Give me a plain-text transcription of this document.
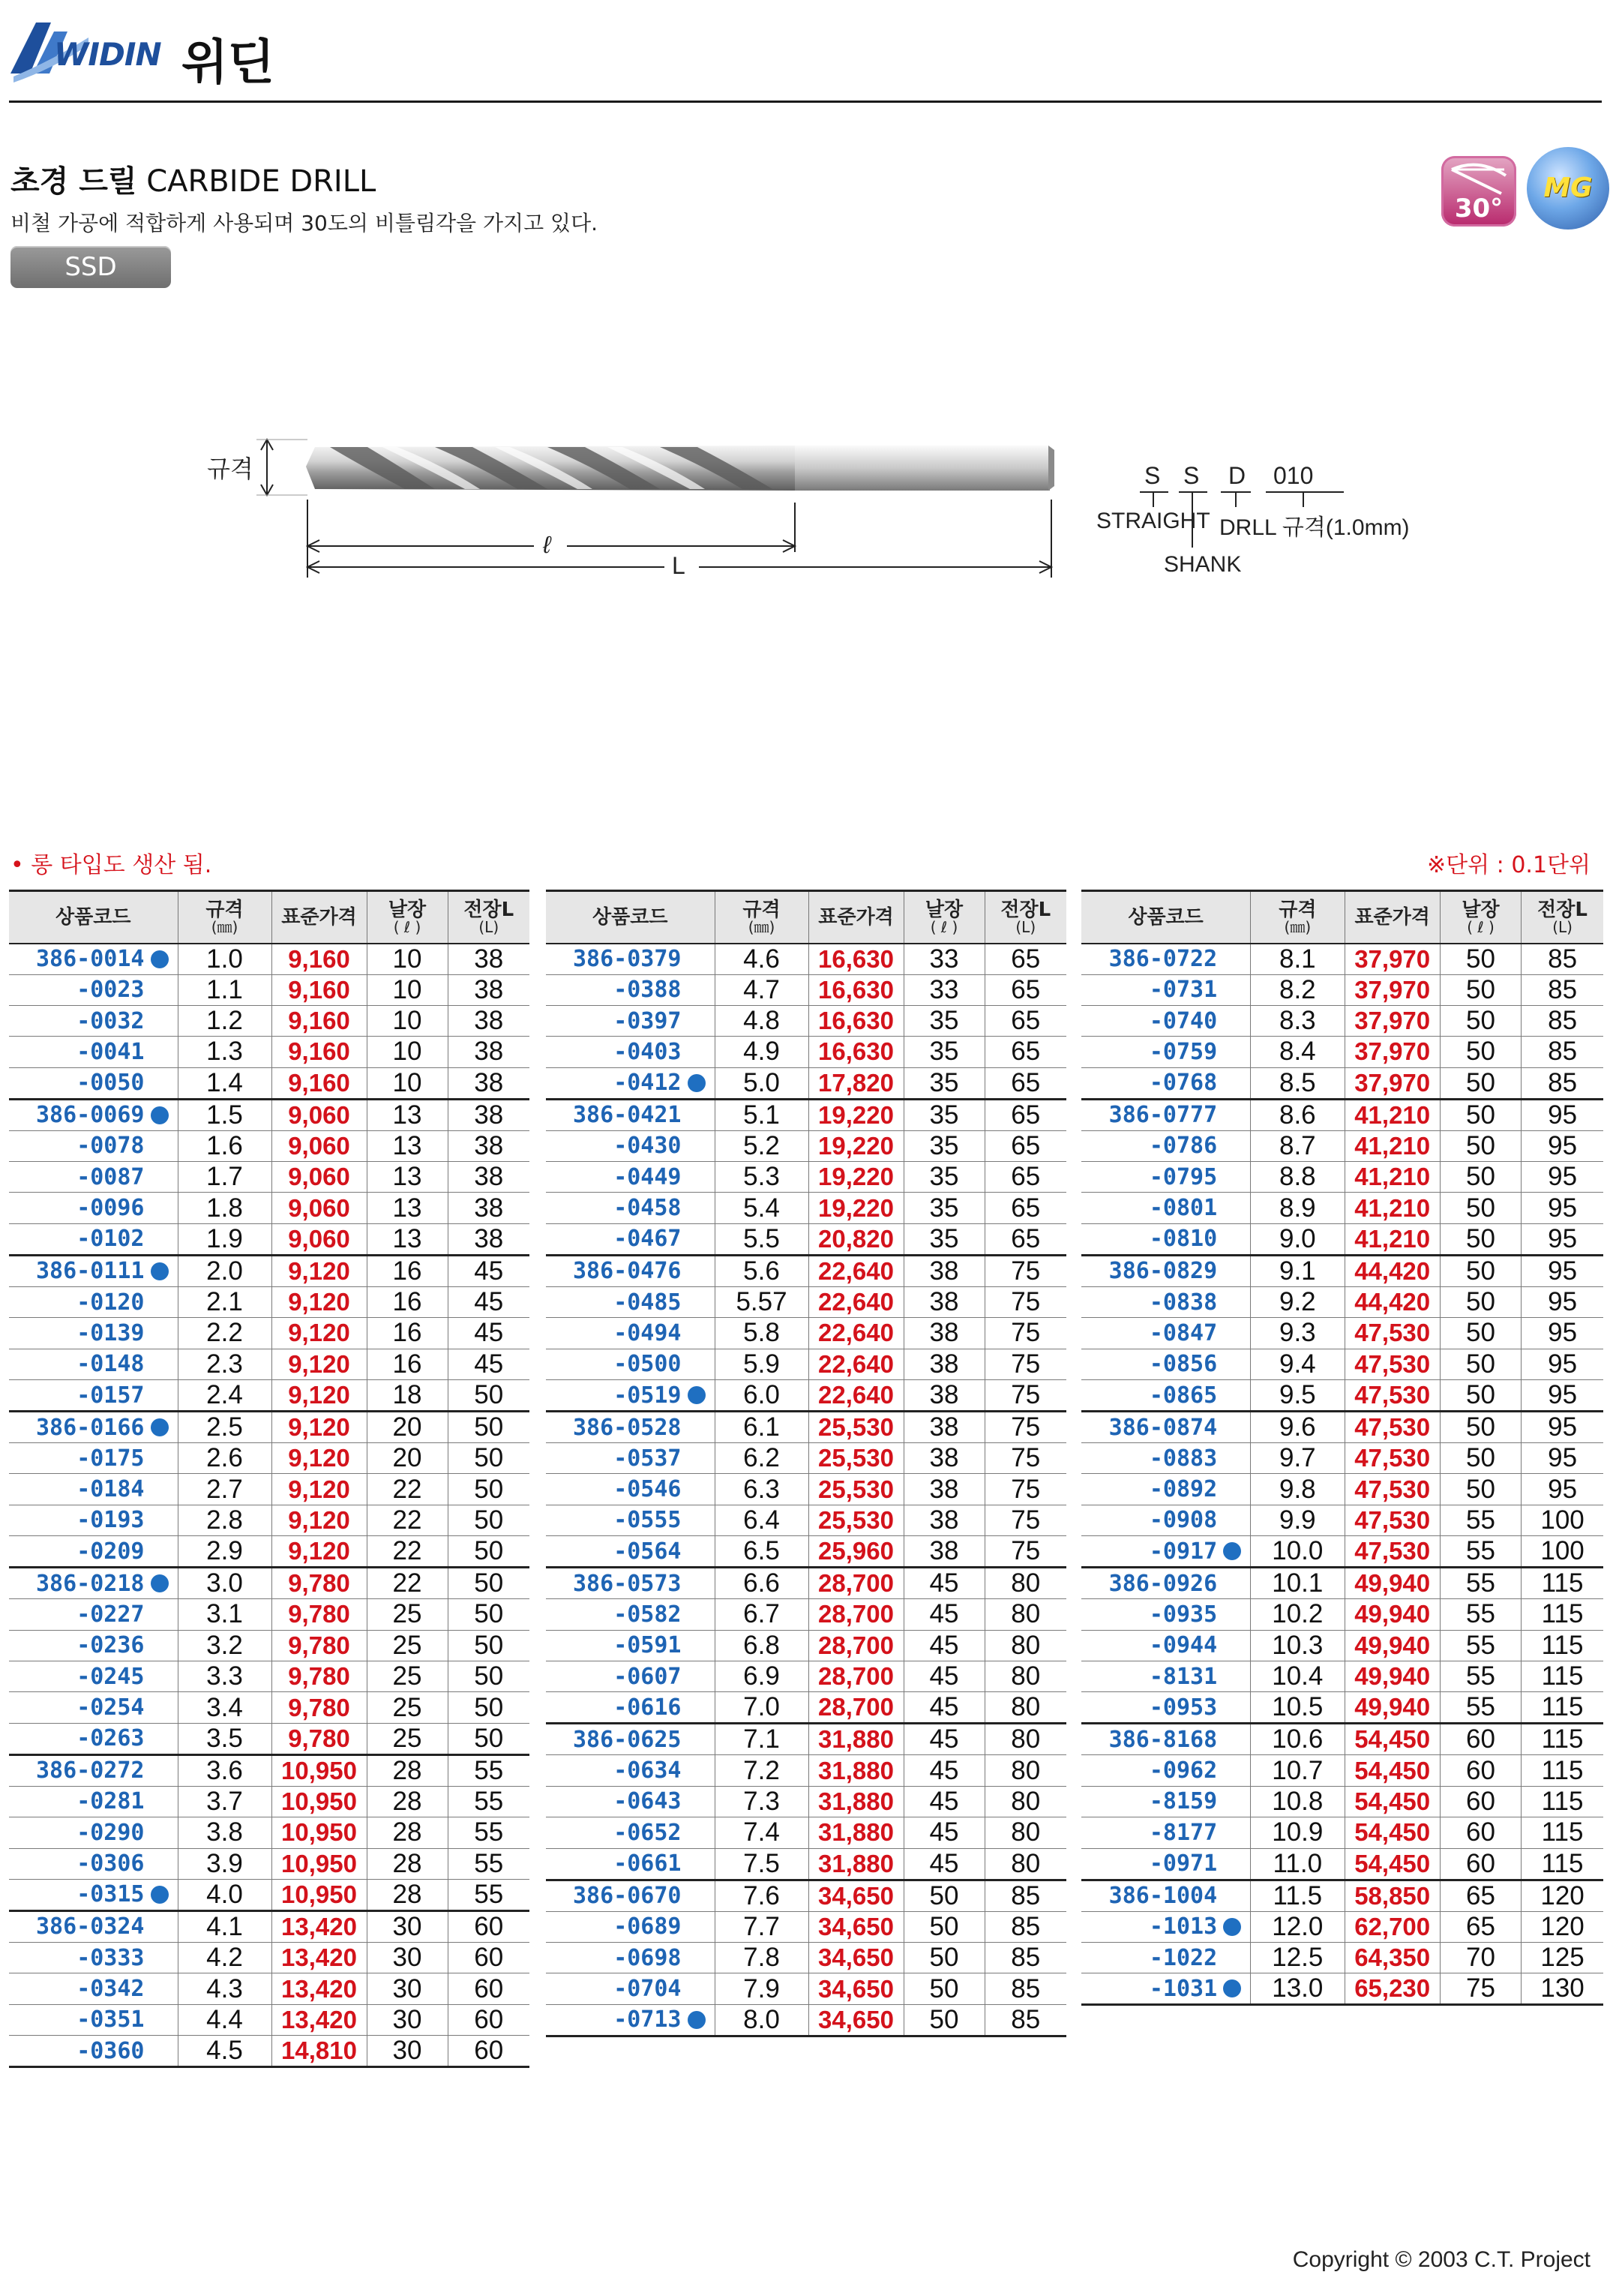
WIDIN 위딘
초경 드릴 CARBIDE DRILL
비철 가공에 적합하게 사용되며 30도의 비틀림각을 가지고 있다.
SSD
30°
MG
규격
ℓ
L
S S D 010
STRAIGHT DRLL 규격(1.0mm)
SHANK
• 롱 타입도 생산 됨.	※단위 : 0.1단위
상품코드	규격
(㎜)	표준가격	날장
( ℓ )	전장L
(L)

386-0014	1.0	9,160	10	38
-0023	1.1	9,160	10	38
-0032	1.2	9,160	10	38
-0041	1.3	9,160	10	38
-0050	1.4	9,160	10	38
386-0069	1.5	9,060	13	38
-0078	1.6	9,060	13	38
-0087	1.7	9,060	13	38
-0096	1.8	9,060	13	38
-0102	1.9	9,060	13	38
386-0111	2.0	9,120	16	45
-0120	2.1	9,120	16	45
-0139	2.2	9,120	16	45
-0148	2.3	9,120	16	45
-0157	2.4	9,120	18	50
386-0166	2.5	9,120	20	50
-0175	2.6	9,120	20	50
-0184	2.7	9,120	22	50
-0193	2.8	9,120	22	50
-0209	2.9	9,120	22	50
386-0218	3.0	9,780	22	50
-0227	3.1	9,780	25	50
-0236	3.2	9,780	25	50
-0245	3.3	9,780	25	50
-0254	3.4	9,780	25	50
-0263	3.5	9,780	25	50
386-0272	3.6	10,950	28	55
-0281	3.7	10,950	28	55
-0290	3.8	10,950	28	55
-0306	3.9	10,950	28	55
-0315	4.0	10,950	28	55
386-0324	4.1	13,420	30	60
-0333	4.2	13,420	30	60
-0342	4.3	13,420	30	60
-0351	4.4	13,420	30	60
-0360	4.5	14,810	30	60
상품코드	규격
(㎜)	표준가격	날장
( ℓ )	전장L
(L)

386-0379	4.6	16,630	33	65
-0388	4.7	16,630	33	65
-0397	4.8	16,630	35	65
-0403	4.9	16,630	35	65
-0412	5.0	17,820	35	65
386-0421	5.1	19,220	35	65
-0430	5.2	19,220	35	65
-0449	5.3	19,220	35	65
-0458	5.4	19,220	35	65
-0467	5.5	20,820	35	65
386-0476	5.6	22,640	38	75
-0485	5.57	22,640	38	75
-0494	5.8	22,640	38	75
-0500	5.9	22,640	38	75
-0519	6.0	22,640	38	75
386-0528	6.1	25,530	38	75
-0537	6.2	25,530	38	75
-0546	6.3	25,530	38	75
-0555	6.4	25,530	38	75
-0564	6.5	25,960	38	75
386-0573	6.6	28,700	45	80
-0582	6.7	28,700	45	80
-0591	6.8	28,700	45	80
-0607	6.9	28,700	45	80
-0616	7.0	28,700	45	80
386-0625	7.1	31,880	45	80
-0634	7.2	31,880	45	80
-0643	7.3	31,880	45	80
-0652	7.4	31,880	45	80
-0661	7.5	31,880	45	80
386-0670	7.6	34,650	50	85
-0689	7.7	34,650	50	85
-0698	7.8	34,650	50	85
-0704	7.9	34,650	50	85
-0713	8.0	34,650	50	85
상품코드	규격
(㎜)	표준가격	날장
( ℓ )	전장L
(L)

386-0722	8.1	37,970	50	85
-0731	8.2	37,970	50	85
-0740	8.3	37,970	50	85
-0759	8.4	37,970	50	85
-0768	8.5	37,970	50	85
386-0777	8.6	41,210	50	95
-0786	8.7	41,210	50	95
-0795	8.8	41,210	50	95
-0801	8.9	41,210	50	95
-0810	9.0	41,210	50	95
386-0829	9.1	44,420	50	95
-0838	9.2	44,420	50	95
-0847	9.3	47,530	50	95
-0856	9.4	47,530	50	95
-0865	9.5	47,530	50	95
386-0874	9.6	47,530	50	95
-0883	9.7	47,530	50	95
-0892	9.8	47,530	50	95
-0908	9.9	47,530	55	100
-0917	10.0	47,530	55	100
386-0926	10.1	49,940	55	115
-0935	10.2	49,940	55	115
-0944	10.3	49,940	55	115
-8131	10.4	49,940	55	115
-0953	10.5	49,940	55	115
386-8168	10.6	54,450	60	115
-0962	10.7	54,450	60	115
-8159	10.8	54,450	60	115
-8177	10.9	54,450	60	115
-0971	11.0	54,450	60	115
386-1004	11.5	58,850	65	120
-1013	12.0	62,700	65	120
-1022	12.5	64,350	70	125
-1031	13.0	65,230	75	130
Copyright © 2003 C.T. Project
